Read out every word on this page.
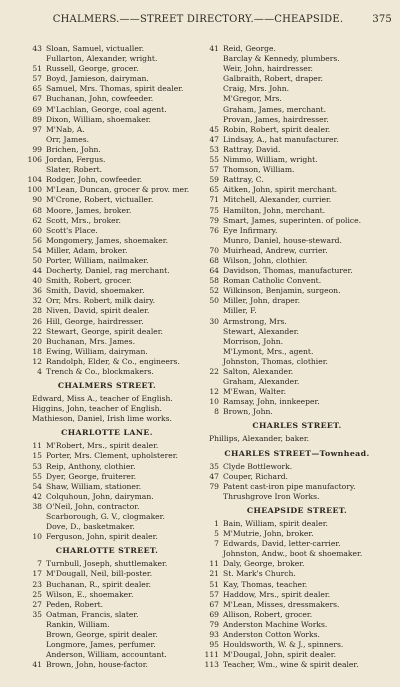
CHALMERS.——STREET DIRECTORY.——CHEAPSIDE.	375
43 Sloan, Samuel, victualler.
Fullarton, Alexander, wright.
51 Russell, George, grocer.
57 Boyd, Jamieson, dairyman.
65 Samuel, Mrs. Thomas, spirit dealer.
67 Buchanan, John, cowfeeder.
69 M'Lachlan, George, coal agent.
89 Dixon, William, shoemaker.
97 M'Nab, A.
Orr, James.
99 Brichen, John.
106 Jordan, Fergus.
Slater, Robert.
104 Rodger, John, cowfeeder.
100 M'Lean, Duncan, grocer & prov. mer.
90 M'Crone, Robert, victualler.
68 Moore, James, broker.
62 Scott, Mrs., broker.
60 Scott's Place.
56 Mongomery, James, shoemaker.
54 Miller, Adam, broker.
50 Porter, William, nailmaker.
44 Docherty, Daniel, rag merchant.
40 Smith, Robert, grocer.
36 Smith, David, shoemaker.
32 Orr, Mrs. Robert, milk dairy.
28 Niven, David, spirit dealer.
26 Hill, George, hairdresser.
22 Stewart, George, spirit dealer.
20 Buchanan, Mrs. James.
18 Ewing, William, dairyman.
12 Randolph, Elder, & Co., engineers.
4 Trench & Co., blockmakers.
CHALMERS STREET.
Edward, Miss A., teacher of English.
Higgins, John, teacher of English.
Mathieson, Daniel, Irish lime works.
CHARLOTTE LANE.
11 M'Robert, Mrs., spirit dealer.
15 Porter, Mrs. Clement, upholsterer.
53 Reip, Anthony, clothier.
55 Dyer, George, fruiterer.
54 Shaw, William, stationer.
42 Colquhoun, John, dairyman.
38 O'Neil, John, contractor.
Scarborough, G. V., clogmaker.
Dove, D., basketmaker.
10 Ferguson, John, spirit dealer.
CHARLOTTE STREET.
7 Turnbull, Joseph, shuttlemaker.
17 M'Dougall, Neil, bill-poster.
23 Buchanan, R., spirit dealer.
25 Wilson, E., shoemaker.
27 Peden, Robert.
35 Oatman, Francis, slater.
Rankin, William.
Brown, George, spirit dealer.
Longmore, James, perfumer.
Anderson, William, accountant.
41 Brown, John, house-factor.
41 Reid, George.
Barclay & Kennedy, plumbers.
Weir, John, hairdresser.
Galbraith, Robert, draper.
Craig, Mrs. John.
M'Gregor, Mrs.
Graham, James, merchant.
Provan, James, hairdresser.
45 Robin, Robert, spirit dealer.
47 Lindsay, A., hat manufacturer.
53 Rattray, David.
55 Nimmo, William, wright.
57 Thomson, William.
59 Rattray, C.
65 Aitken, John, spirit merchant.
71 Mitchell, Alexander, currier.
75 Hamilton, John, merchant.
79 Smart, James, superinten. of police.
76 Eye Infirmary.
Munro, Daniel, house-steward.
70 Muirhead, Andrew, currier.
68 Wilson, John, clothier.
64 Davidson, Thomas, manufacturer.
58 Roman Catholic Convent.
52 Wilkinson, Benjamin, surgeon.
50 Miller, John, draper.
Miller, F.
30 Armstrong, Mrs.
Stewart, Alexander.
Morrison, John.
M'Lymont, Mrs., agent.
Johnston, Thomas, clothier.
22 Salton, Alexander.
Graham, Alexander.
12 M'Ewan, Walter.
10 Ramsay, John, innkeeper.
8 Brown, John.
CHARLES STREET.
Phillips, Alexander, baker.
CHARLES STREET—Townhead.
35 Clyde Bottlework.
47 Couper, Richard.
79 Patent cast-iron pipe manufactory.
Thrushgrove Iron Works.
CHEAPSIDE STREET.
1 Bain, William, spirit dealer.
5 M'Mutrie, John, broker.
7 Edwards, David, letter-carrier.
Johnston, Andw., boot & shoemaker.
11 Daly, George, broker.
21 St. Mark's Church.
51 Kay, Thomas, teacher.
57 Haddow, Mrs., spirit dealer.
67 M'Lean, Misses, dressmakers.
69 Allison, Robert, grocer.
79 Anderston Machine Works.
93 Anderston Cotton Works.
95 Houldsworth, W. & J., spinners.
111 M'Dougal, John, spirit dealer.
113 Teacher, Wm., wine & spirit dealer.
